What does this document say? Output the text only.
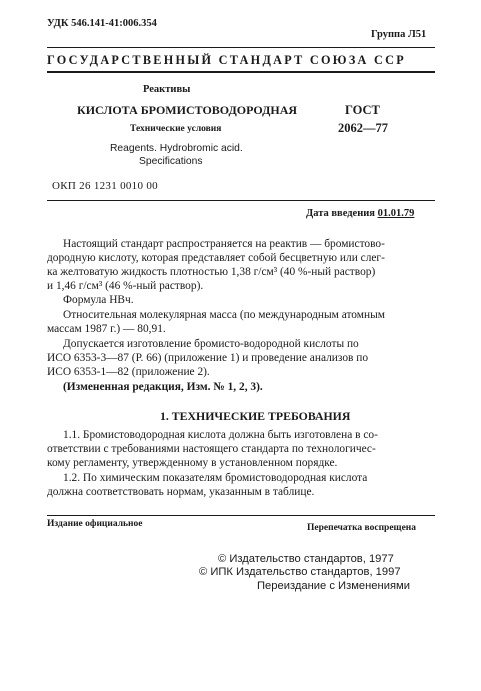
УДК 546.141-41:006.354
Группа Л51
ГОСУДАРСТВЕННЫЙ СТАНДАРТ СОЮЗА ССР
Реактивы
КИСЛОТА БРОМИСТОВОДОРОДНАЯ
Технические условия
Reagents. Hydrobromic acid.
Specifications
ГОСТ
2062—77
ОКП 26 1231 0010 00
Дата введения 01.01.79
Настоящий стандарт распространяется на реактив — бромистово-
дородную кислоту, которая представляет собой бесцветную или слег-
ка желтоватую жидкость плотностью 1,38 г/см³ (40 %-ный раствор)
и 1,46 г/см³ (46 %-ный раствор).
Формула HBч.
Относительная молекулярная масса (по международным атомным
массам 1987 г.) — 80,91.
Допускается изготовление бромисто-водородной кислоты по
ИСО 6353-3—87 (Р. 66) (приложение 1) и проведение анализов по
ИСО 6353-1—82 (приложение 2).
(Измененная редакция, Изм. № 1, 2, 3).
1. ТЕХНИЧЕСКИЕ ТРЕБОВАНИЯ
1.1. Бромистоводородная кислота должна быть изготовлена в со-
ответствии с требованиями настоящего стандарта по технологичес-
кому регламенту, утвержденному в установленном порядке.
1.2. По химическим показателям бромистоводородная кислота
должна соответствовать нормам, указанным в таблице.
Издание официальное	Перепечатка воспрещена
© Издательство стандартов, 1977
© ИПК Издательство стандартов, 1997
Переиздание с Изменениями
